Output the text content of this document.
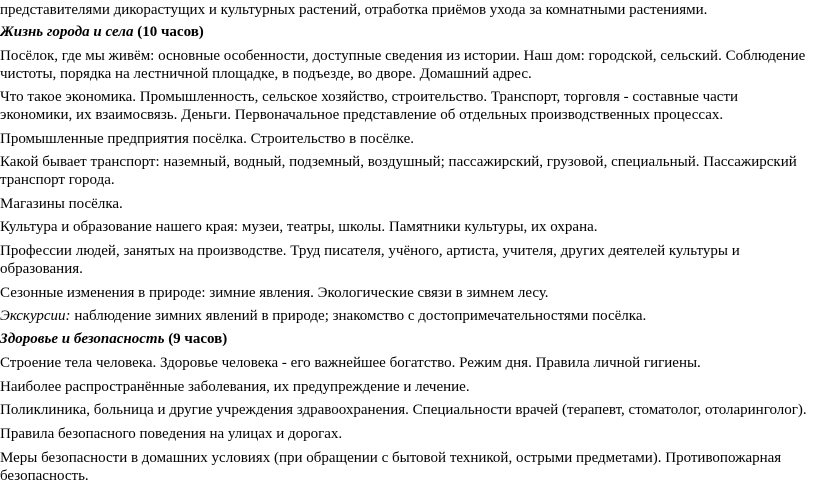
представителями дикорастущих и культурных растений, отработка приёмов ухода за комнатными растениями.

Жизнь города и села (10 часов)

Посёлок, где мы живём: основные особенности, доступные сведения из истории. Наш дом: городской, сельский. Соблюдение

чистоты, порядка на лестничной площадке, в подъезде, во дворе. Домашний адрес.

Что такое экономика. Промышленность, сельское хозяйство, строительство. Транспорт, торговля - составные части

экономики, их взаимосвязь. Деньги. Первоначальное представление об отдельных производственных процессах.

Промышленные предприятия посёлка. Строительство в посёлке.

Какой бывает транспорт: наземный, водный, подземный, воздушный; пассажирский, грузовой, специальный. Пассажирский

транспорт города.

Магазины посёлка.

Культура и образование нашего края: музеи, театры, школы. Памятники культуры, их охрана.

Профессии людей, занятых на производстве. Труд писателя, учёного, артиста, учителя, других деятелей культуры и

образования.

Сезонные изменения в природе: зимние явления. Экологические связи в зимнем лесу.

Экскурсии: наблюдение зимних явлений в природе; знакомство с достопримечательностями посёлка.

Здоровье и безопасность (9 часов)

Строение тела человека. Здоровье человека - его важнейшее богатство. Режим дня. Правила личной гигиены.

Наиболее распространённые заболевания, их предупреждение и лечение.

Поликлиника, больница и другие учреждения здравоохранения. Специальности врачей (терапевт, стоматолог, отоларинголог).

Правила безопасного поведения на улицах и дорогах.

Меры безопасности в домашних условиях (при обращении с бытовой техникой, острыми предметами). Противопожарная

безопасность.
